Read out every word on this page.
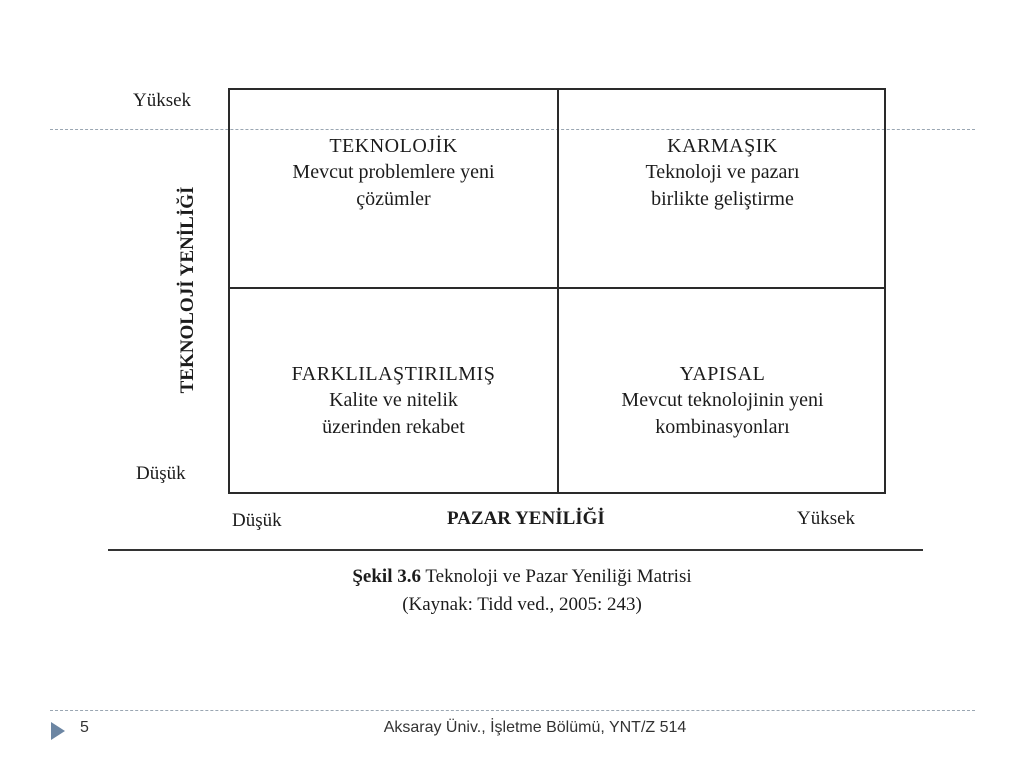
TEKNOLOJİK
Mevcut problemlere yeni
çözümler
KARMAŞIK
Teknoloji ve pazarı
birlikte geliştirme
FARKLILAŞTIRILMIŞ
Kalite ve nitelik
üzerinden rekabet
YAPISAL
Mevcut teknolojinin yeni
kombinasyonları
Yüksek
Düşük
TEKNOLOJİ YENİLİĞİ
Düşük	PAZAR YENİLİĞİ	Yüksek
Şekil 3.6 Teknoloji ve Pazar Yeniliği Matrisi
(Kaynak: Tidd ved., 2005: 243)
5	Aksaray Üniv., İşletme Bölümü, YNT/Z 514
